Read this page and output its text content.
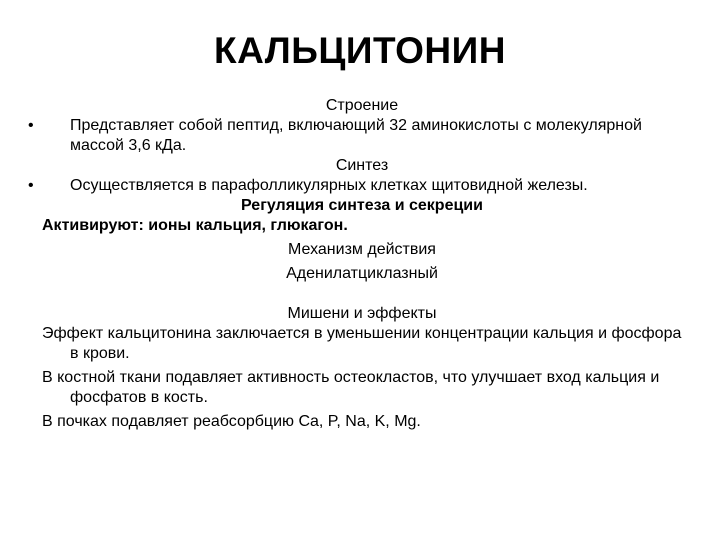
КАЛЬЦИТОНИН
Строение
•	Представляет собой пептид, включающий 32 аминокислоты с молекулярной массой 3,6 кДа.
Синтез
•	Осуществляется в парафолликулярных клетках щитовидной железы.
Регуляция синтеза и секреции
Активируют: ионы кальция, глюкагон.
Механизм действия
Аденилатциклазный
Мишени и эффекты
Эффект кальцитонина заключается в уменьшении концентрации кальция и фосфора в крови.
В костной ткани подавляет активность остеокластов, что улучшает вход кальция и фосфатов в кость.
В почках подавляет реабсорбцию Ca, P, Na, K, Mg.
